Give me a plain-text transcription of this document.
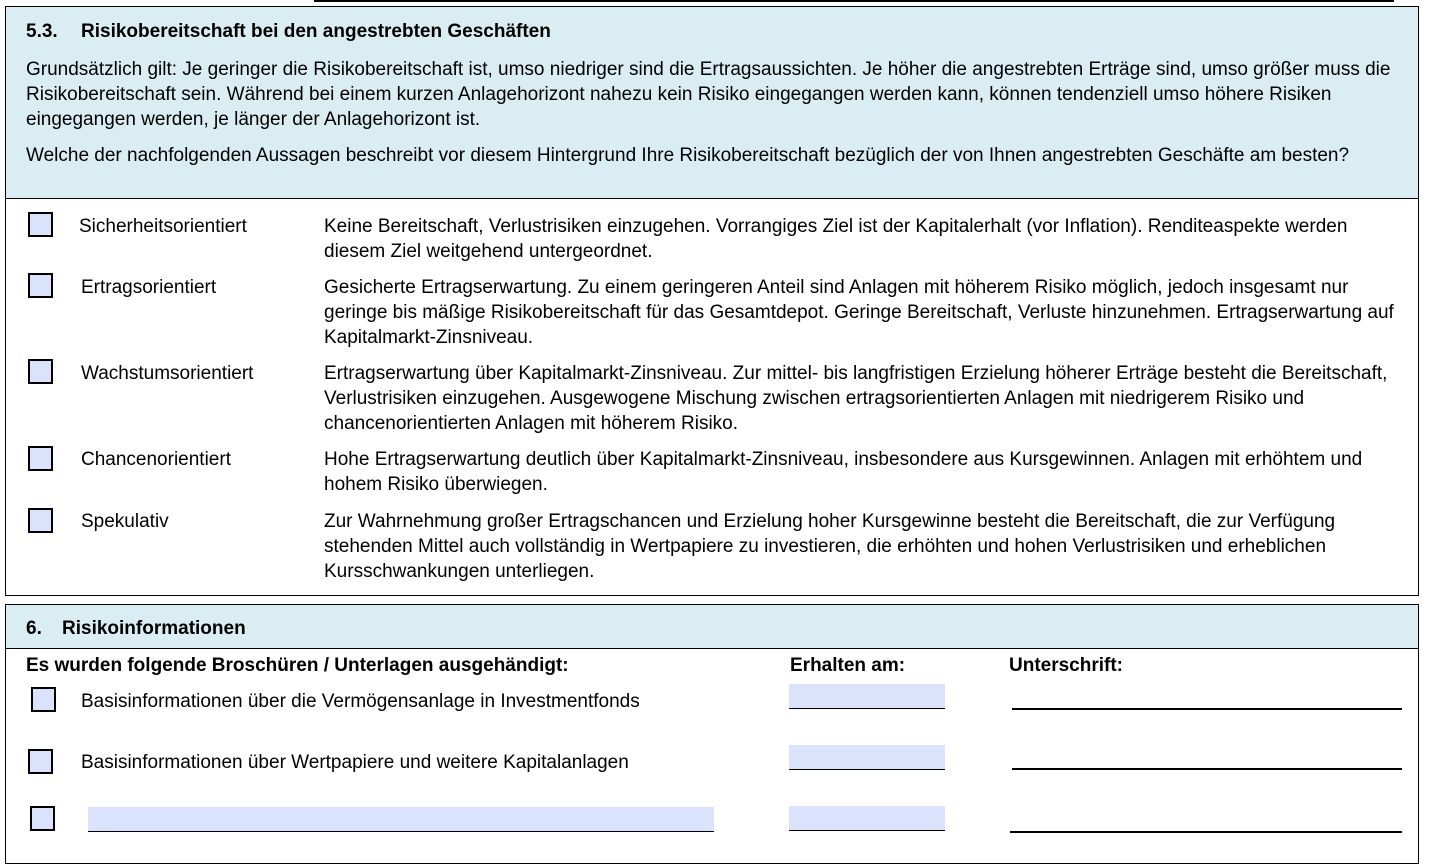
5.3. Risikobereitschaft bei den angestrebten Geschäften

Grundsätzlich gilt: Je geringer die Risikobereitschaft ist, umso niedriger sind die Ertragsaussichten. Je höher die angestrebten Erträge sind, umso größer muss die Risikobereitschaft sein. Während bei einem kurzen Anlagehorizont nahezu kein Risiko eingegangen werden kann, können tendenziell umso höhere Risiken eingegangen werden, je länger der Anlagehorizont ist.

Welche der nachfolgenden Aussagen beschreibt vor diesem Hintergrund Ihre Risikobereitschaft bezüglich der von Ihnen angestrebten Geschäfte am besten?

Sicherheitsorientiert	Keine Bereitschaft, Verlustrisiken einzugehen. Vorrangiges Ziel ist der Kapitalerhalt (vor Inflation). Renditeaspekte werden diesem Ziel weitgehend untergeordnet.

Ertragsorientiert	Gesicherte Ertragserwartung. Zu einem geringeren Anteil sind Anlagen mit höherem Risiko möglich, jedoch insgesamt nur geringe bis mäßige Risikobereitschaft für das Gesamtdepot. Geringe Bereitschaft, Verluste hinzunehmen. Ertragserwartung auf Kapitalmarkt-Zinsniveau.

Wachstumsorientiert	Ertragserwartung über Kapitalmarkt-Zinsniveau. Zur mittel- bis langfristigen Erzielung höherer Erträge besteht die Bereitschaft, Verlustrisiken einzugehen. Ausgewogene Mischung zwischen ertragsorientierten Anlagen mit niedrigerem Risiko und chancenorientierten Anlagen mit höherem Risiko.

Chancenorientiert	Hohe Ertragserwartung deutlich über Kapitalmarkt-Zinsniveau, insbesondere aus Kursgewinnen. Anlagen mit erhöhtem und hohem Risiko überwiegen.

Spekulativ	Zur Wahrnehmung großer Ertragschancen und Erzielung hoher Kursgewinne besteht die Bereitschaft, die zur Verfügung stehenden Mittel auch vollständig in Wertpapiere zu investieren, die erhöhten und hohen Verlustrisiken und erheblichen Kursschwankungen unterliegen.

6. Risikoinformationen
Es wurden folgende Broschüren / Unterlagen ausgehändigt:	Erhalten am:	Unterschrift:
Basisinformationen über die Vermögensanlage in Investmentfonds
Basisinformationen über Wertpapiere und weitere Kapitalanlagen
